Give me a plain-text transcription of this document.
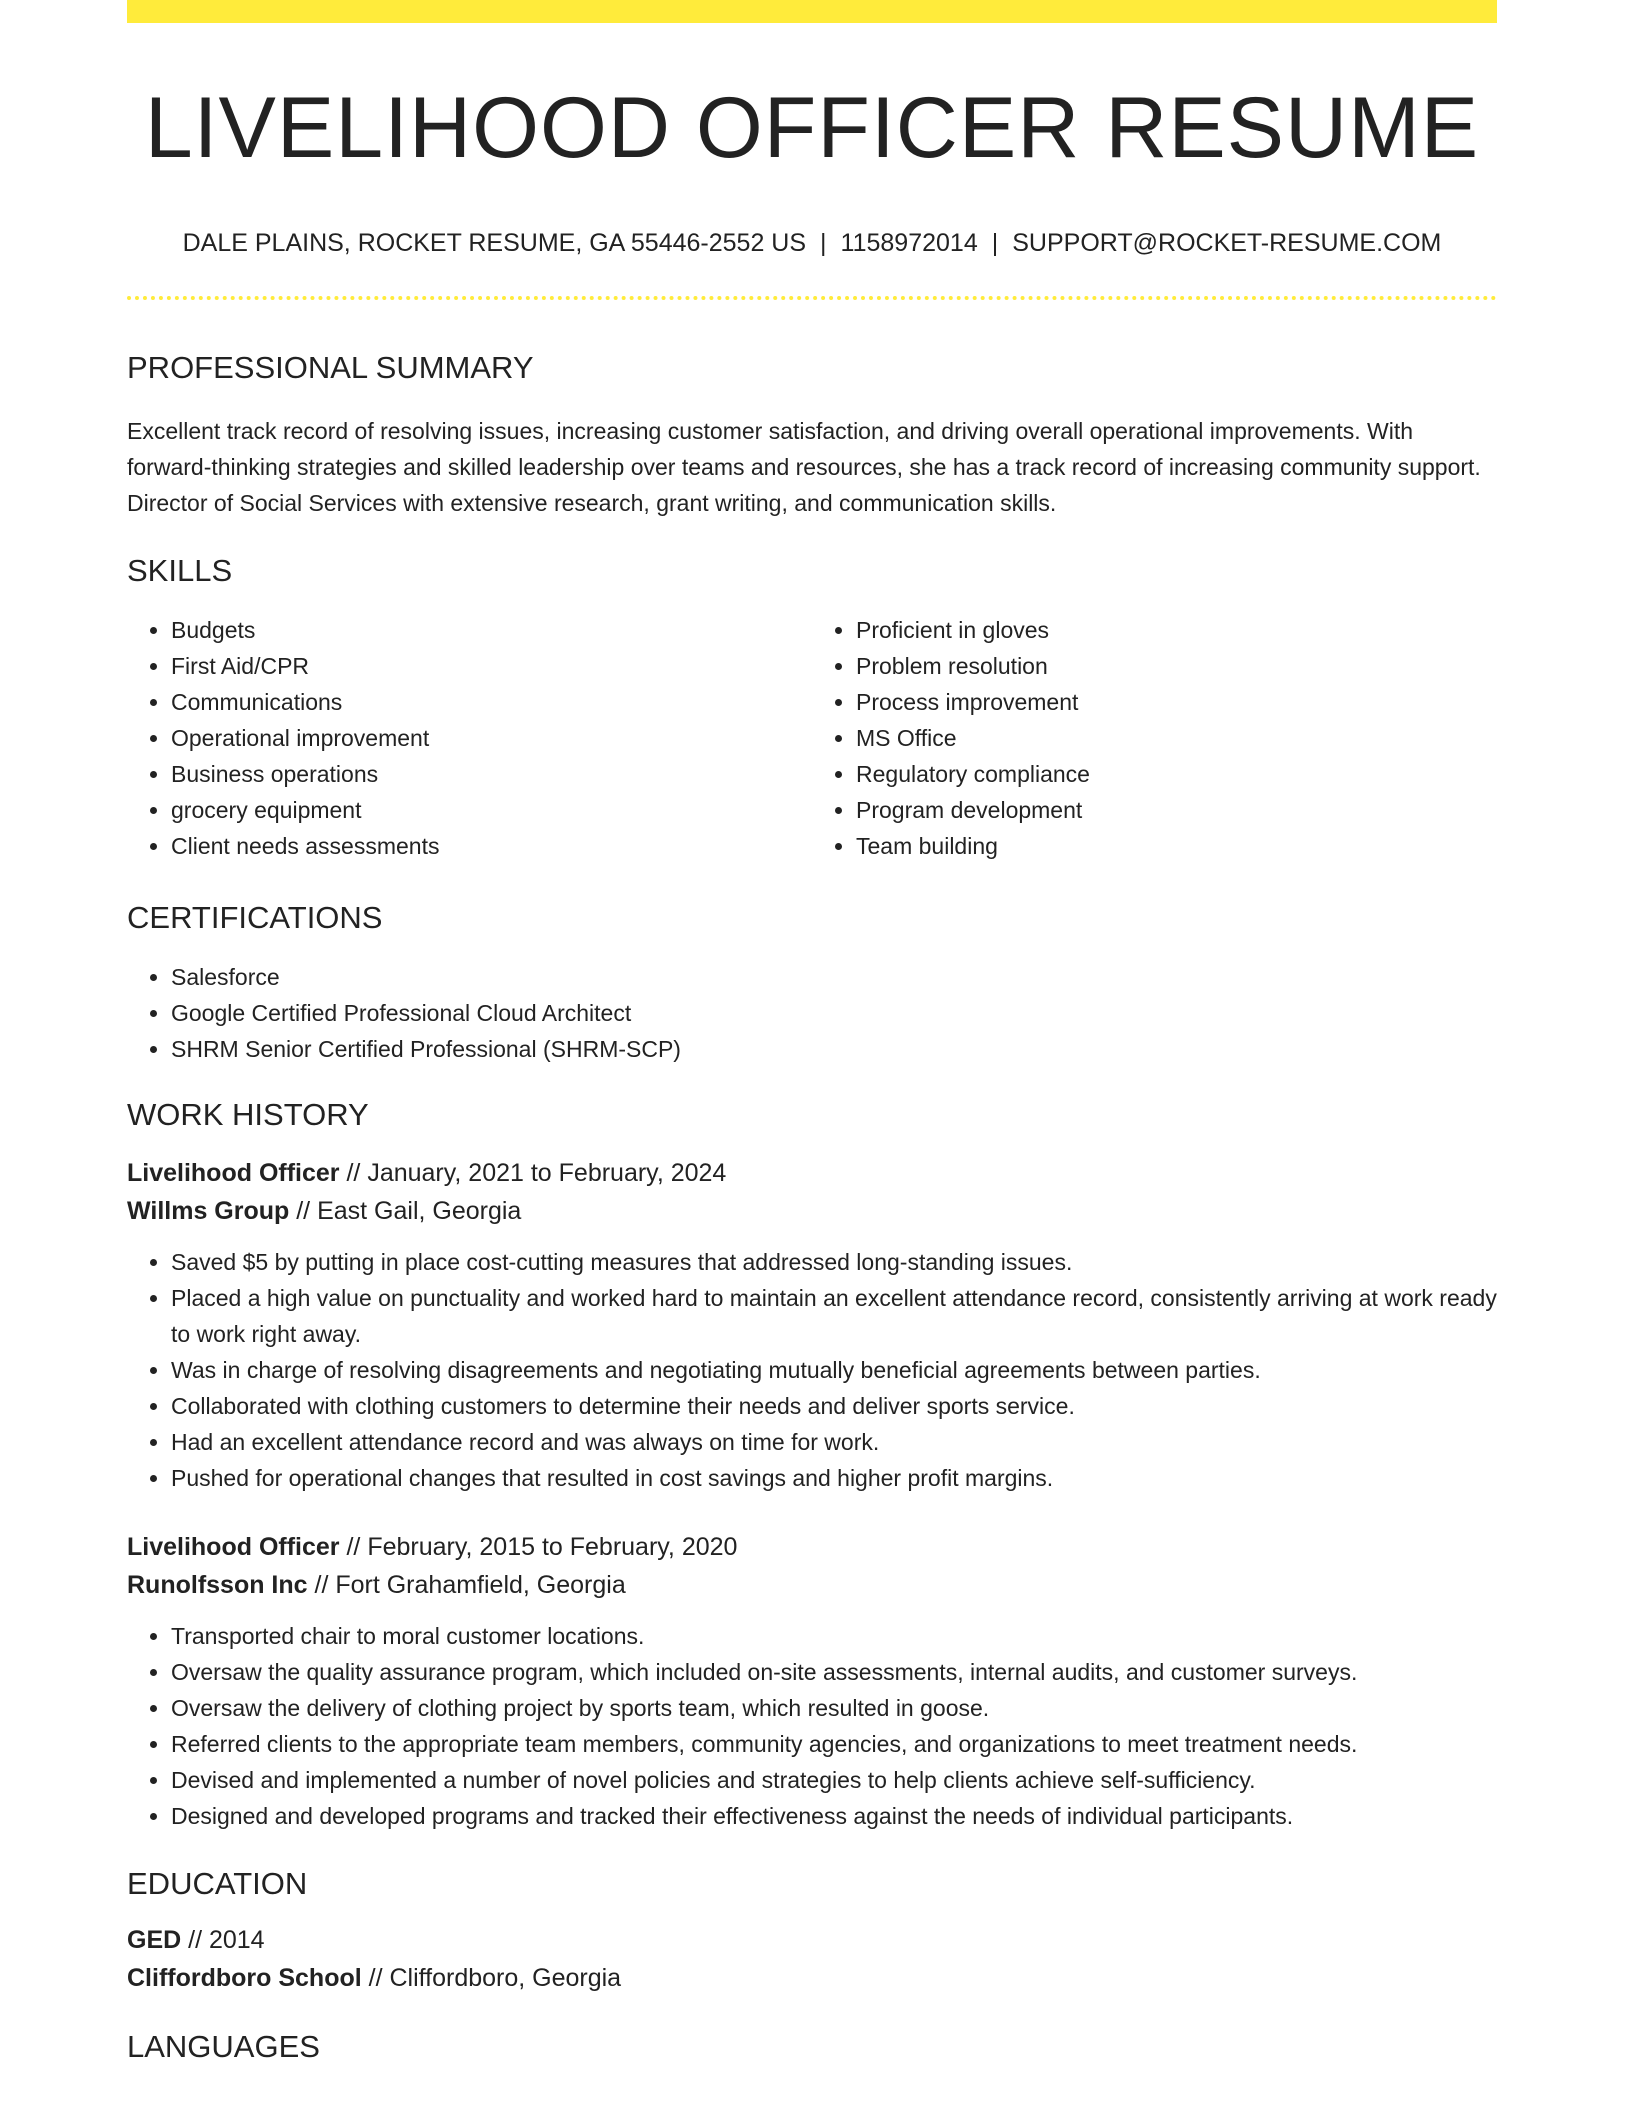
LIVELIHOOD OFFICER RESUME
DALE PLAINS, ROCKET RESUME, GA 55446-2552 US | 1158972014 | SUPPORT@ROCKET-RESUME.COM
PROFESSIONAL SUMMARY
Excellent track record of resolving issues, increasing customer satisfaction, and driving overall operational improvements. With forward-thinking strategies and skilled leadership over teams and resources, she has a track record of increasing community support. Director of Social Services with extensive research, grant writing, and communication skills.
SKILLS
• Budgets
• First Aid/CPR
• Communications
• Operational improvement
• Business operations
• grocery equipment
• Client needs assessments
• Proficient in gloves
• Problem resolution
• Process improvement
• MS Office
• Regulatory compliance
• Program development
• Team building
CERTIFICATIONS
• Salesforce
• Google Certified Professional Cloud Architect
• SHRM Senior Certified Professional (SHRM-SCP)
WORK HISTORY
Livelihood Officer // January, 2021 to February, 2024
Willms Group // East Gail, Georgia
• Saved $5 by putting in place cost-cutting measures that addressed long-standing issues.
• Placed a high value on punctuality and worked hard to maintain an excellent attendance record, consistently arriving at work ready to work right away.
• Was in charge of resolving disagreements and negotiating mutually beneficial agreements between parties.
• Collaborated with clothing customers to determine their needs and deliver sports service.
• Had an excellent attendance record and was always on time for work.
• Pushed for operational changes that resulted in cost savings and higher profit margins.
Livelihood Officer // February, 2015 to February, 2020
Runolfsson Inc // Fort Grahamfield, Georgia
• Transported chair to moral customer locations.
• Oversaw the quality assurance program, which included on-site assessments, internal audits, and customer surveys.
• Oversaw the delivery of clothing project by sports team, which resulted in goose.
• Referred clients to the appropriate team members, community agencies, and organizations to meet treatment needs.
• Devised and implemented a number of novel policies and strategies to help clients achieve self-sufficiency.
• Designed and developed programs and tracked their effectiveness against the needs of individual participants.
EDUCATION
GED // 2014
Cliffordboro School // Cliffordboro, Georgia
LANGUAGES
